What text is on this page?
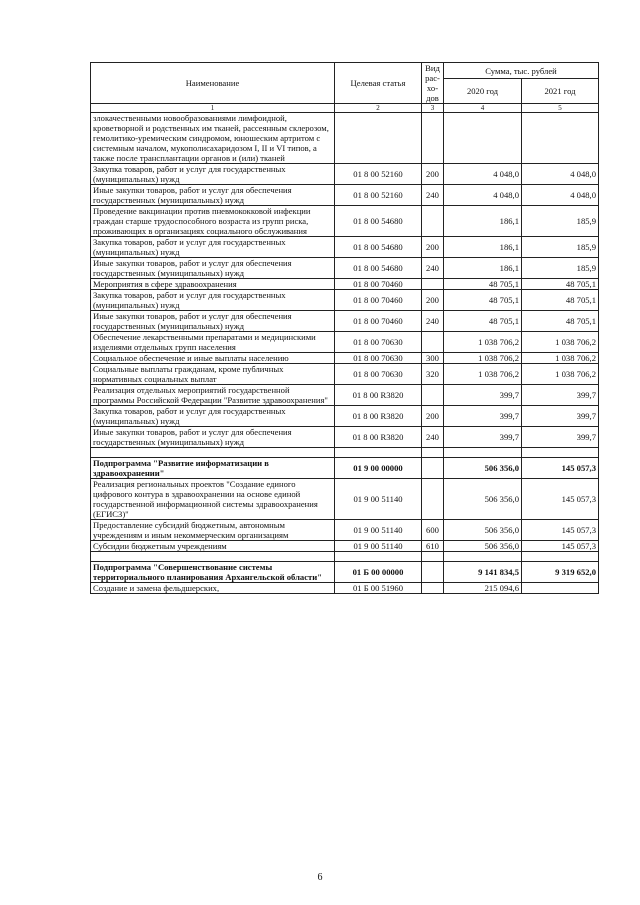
Наименование	Целевая статья	Вид рас- хо- дов	Сумма, тыс. рублей	
			2020 год	2021 год
1	2	3	4	5
злокачественными новообразованиями лимфоидной, кроветворной и родственных им тканей, рассеянным склерозом, гемолитико-уремическим синдромом, юношеским артритом с системным началом, мукополисахаридозом I, II и VI типов, а также после трансплантации органов и (или) тканей				
Закупка товаров, работ и услуг для государственных (муниципальных) нужд	01 8 00 52160	200	4 048,0	4 048,0
Иные закупки товаров, работ и услуг для обеспечения государственных (муниципальных) нужд	01 8 00 52160	240	4 048,0	4 048,0
Проведение вакцинации против пневмококковой инфекции граждан старше трудоспособного возраста из групп риска, проживающих в организациях социального обслуживания	01 8 00 54680		186,1	185,9
Закупка товаров, работ и услуг для государственных (муниципальных) нужд	01 8 00 54680	200	186,1	185,9
Иные закупки товаров, работ и услуг для обеспечения государственных (муниципальных) нужд	01 8 00 54680	240	186,1	185,9
Мероприятия в сфере здравоохранения	01 8 00 70460		48 705,1	48 705,1
Закупка товаров, работ и услуг для государственных (муниципальных) нужд	01 8 00 70460	200	48 705,1	48 705,1
Иные закупки товаров, работ и услуг для обеспечения государственных (муниципальных) нужд	01 8 00 70460	240	48 705,1	48 705,1
Обеспечение лекарственными препаратами и медицинскими изделиями отдельных групп населения	01 8 00 70630		1 038 706,2	1 038 706,2
Социальное обеспечение и иные выплаты населению	01 8 00 70630	300	1 038 706,2	1 038 706,2
Социальные выплаты гражданам, кроме публичных нормативных социальных выплат	01 8 00 70630	320	1 038 706,2	1 038 706,2
Реализация отдельных мероприятий государственной программы Российской Федерации "Развитие здравоохранения"	01 8 00 R3820		399,7	399,7
Закупка товаров, работ и услуг для государственных (муниципальных) нужд	01 8 00 R3820	200	399,7	399,7
Иные закупки товаров, работ и услуг для обеспечения государственных (муниципальных) нужд	01 8 00 R3820	240	399,7	399,7

Подпрограмма "Развитие информатизации в здравоохранении"	01 9 00 00000		506 356,0	145 057,3
Реализация региональных проектов "Создание единого цифрового контура в здравоохранении на основе единой государственной информационной системы здравоохранения (ЕГИСЗ)"	01 9 00 51140		506 356,0	145 057,3
Предоставление субсидий бюджетным, автономным учреждениям и иным некоммерческим организациям	01 9 00 51140	600	506 356,0	145 057,3
Субсидии бюджетным учреждениям	01 9 00 51140	610	506 356,0	145 057,3

Подпрограмма "Совершенствование системы территориального планирования Архангельской области"	01 Б 00 00000		9 141 834,5	9 319 652,0
Создание и замена фельдшерских,	01 Б 00 51960		215 094,6	
6
